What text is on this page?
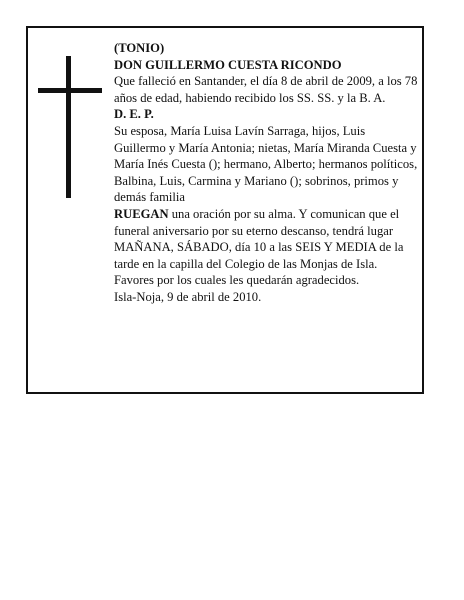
(TONIO)

DON GUILLERMO CUESTA RICONDO

Que falleció en Santander, el día 8 de abril de 2009, a los 78 años de edad, habiendo recibido los SS. SS. y la B. A.

D. E. P.

Su esposa, María Luisa Lavín Sarraga, hijos, Luis Guillermo y María Antonia; nietas, María Miranda Cuesta y María Inés Cuesta (); hermano, Alberto; hermanos políticos, Balbina, Luis, Carmina y Mariano (); sobrinos, primos y demás familia

RUEGAN una oración por su alma. Y comunican que el funeral aniversario por su eterno descanso, tendrá lugar MAÑANA, SÁBADO, día 10 a las SEIS Y MEDIA de la tarde en la capilla del Colegio de las Monjas de Isla. Favores por los cuales les quedarán agradecidos.

Isla-Noja, 9 de abril de 2010.
